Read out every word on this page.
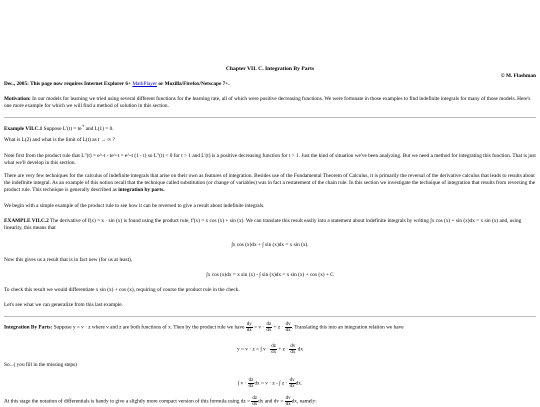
Chapter VII. C. Integration By Parts
© M. Flashman
Dec., 2005: This page now requires Internet Explorer 6+ MathPlayer or Mozilla/Firefox/Netscape 7+.
Motivation: In our models for learning we tried using several different functions for the learning rate, all of which were positive decreasing functions. We were fortunate in those examples to find indefinite integrals for many of those models. Here's one more example for which we will find a method of solution in this section.
Example VII.C.1 Suppose $L'(t) = te^{-t}$ and L(1) = 0.
What is L(2) and what is the limit of L(t) as t → ∞ ?
Note first from the product rule that L"(t) = e^-t - te^-t = e^-t (1 - t) so L"(t) < 0 for t > 1 and L'(t) is a positive decreasing function for t > 1. Just the kind of situation we've been analyzing. But we need a method for integrating this function. That is just what we'll develop in this section.
There are very few techniques for the calculus of indefinite integrals that arise on their own as features of integration. Besides use of the Fundamental Theorem of Calculus, it is primarily the reversal of the derivative calculus that leads to results about the indefinite integral. As an example of this notion recall that the technique called substitution (or change of variables) was in fact a restatement of the chain rule. In this section we investigate the technique of integration that results from reversing the product rule. This technique is generally described as integration by parts.
We begin with a simple example of the product rule to see how it can be reversed to give a result about indefinite integrals.
EXAMPLE VII.C.2 The derivative of f(x) = x · sin (x) is found using the product rule, f'(x) = x cos (x) + sin (x). We can translate this result easily into a statement about indefinite integrals by writing ∫x cos (x) + sin (x)dx = x sin (x) and, using linearity, this means that
∫x cos (x)dx + ∫ sin (x)dx = x sin (x).
Now this gives us a result that is in fact new (for us at least),
∫x cos (x)dx = x sin (x) - ∫ sin (x)dx = x sin (x) + cos (x) + C
To check this result we would differentiate x sin (x) + cos (x), requiring of course the product rule in the check.
Let's see what we can generalize from this last example.
Integration By Parts: Suppose y = v · z where v and z are both functions of x. Then by the product rule we have $\frac{dy}{dx} = v \cdot \frac{dz}{dx} + z \cdot \frac{dv}{dx}$ . Translating this into an integration relation we have
y = v · z = ∫ $v \cdot \frac{dz}{dx} + z \cdot \frac{dv}{dx}$ dx
So...( you fill in the missing steps)
∫ $v \cdot \frac{dz}{dx}$ dx = v · z - ∫ $z \cdot \frac{dv}{dx}$ dx.
At this stage the notation of differentials is handy to give a slightly more compact version of this formula using dz = $\frac{dz}{dx}$ dx and dv = $\frac{dv}{dx}$ dx, namely:
